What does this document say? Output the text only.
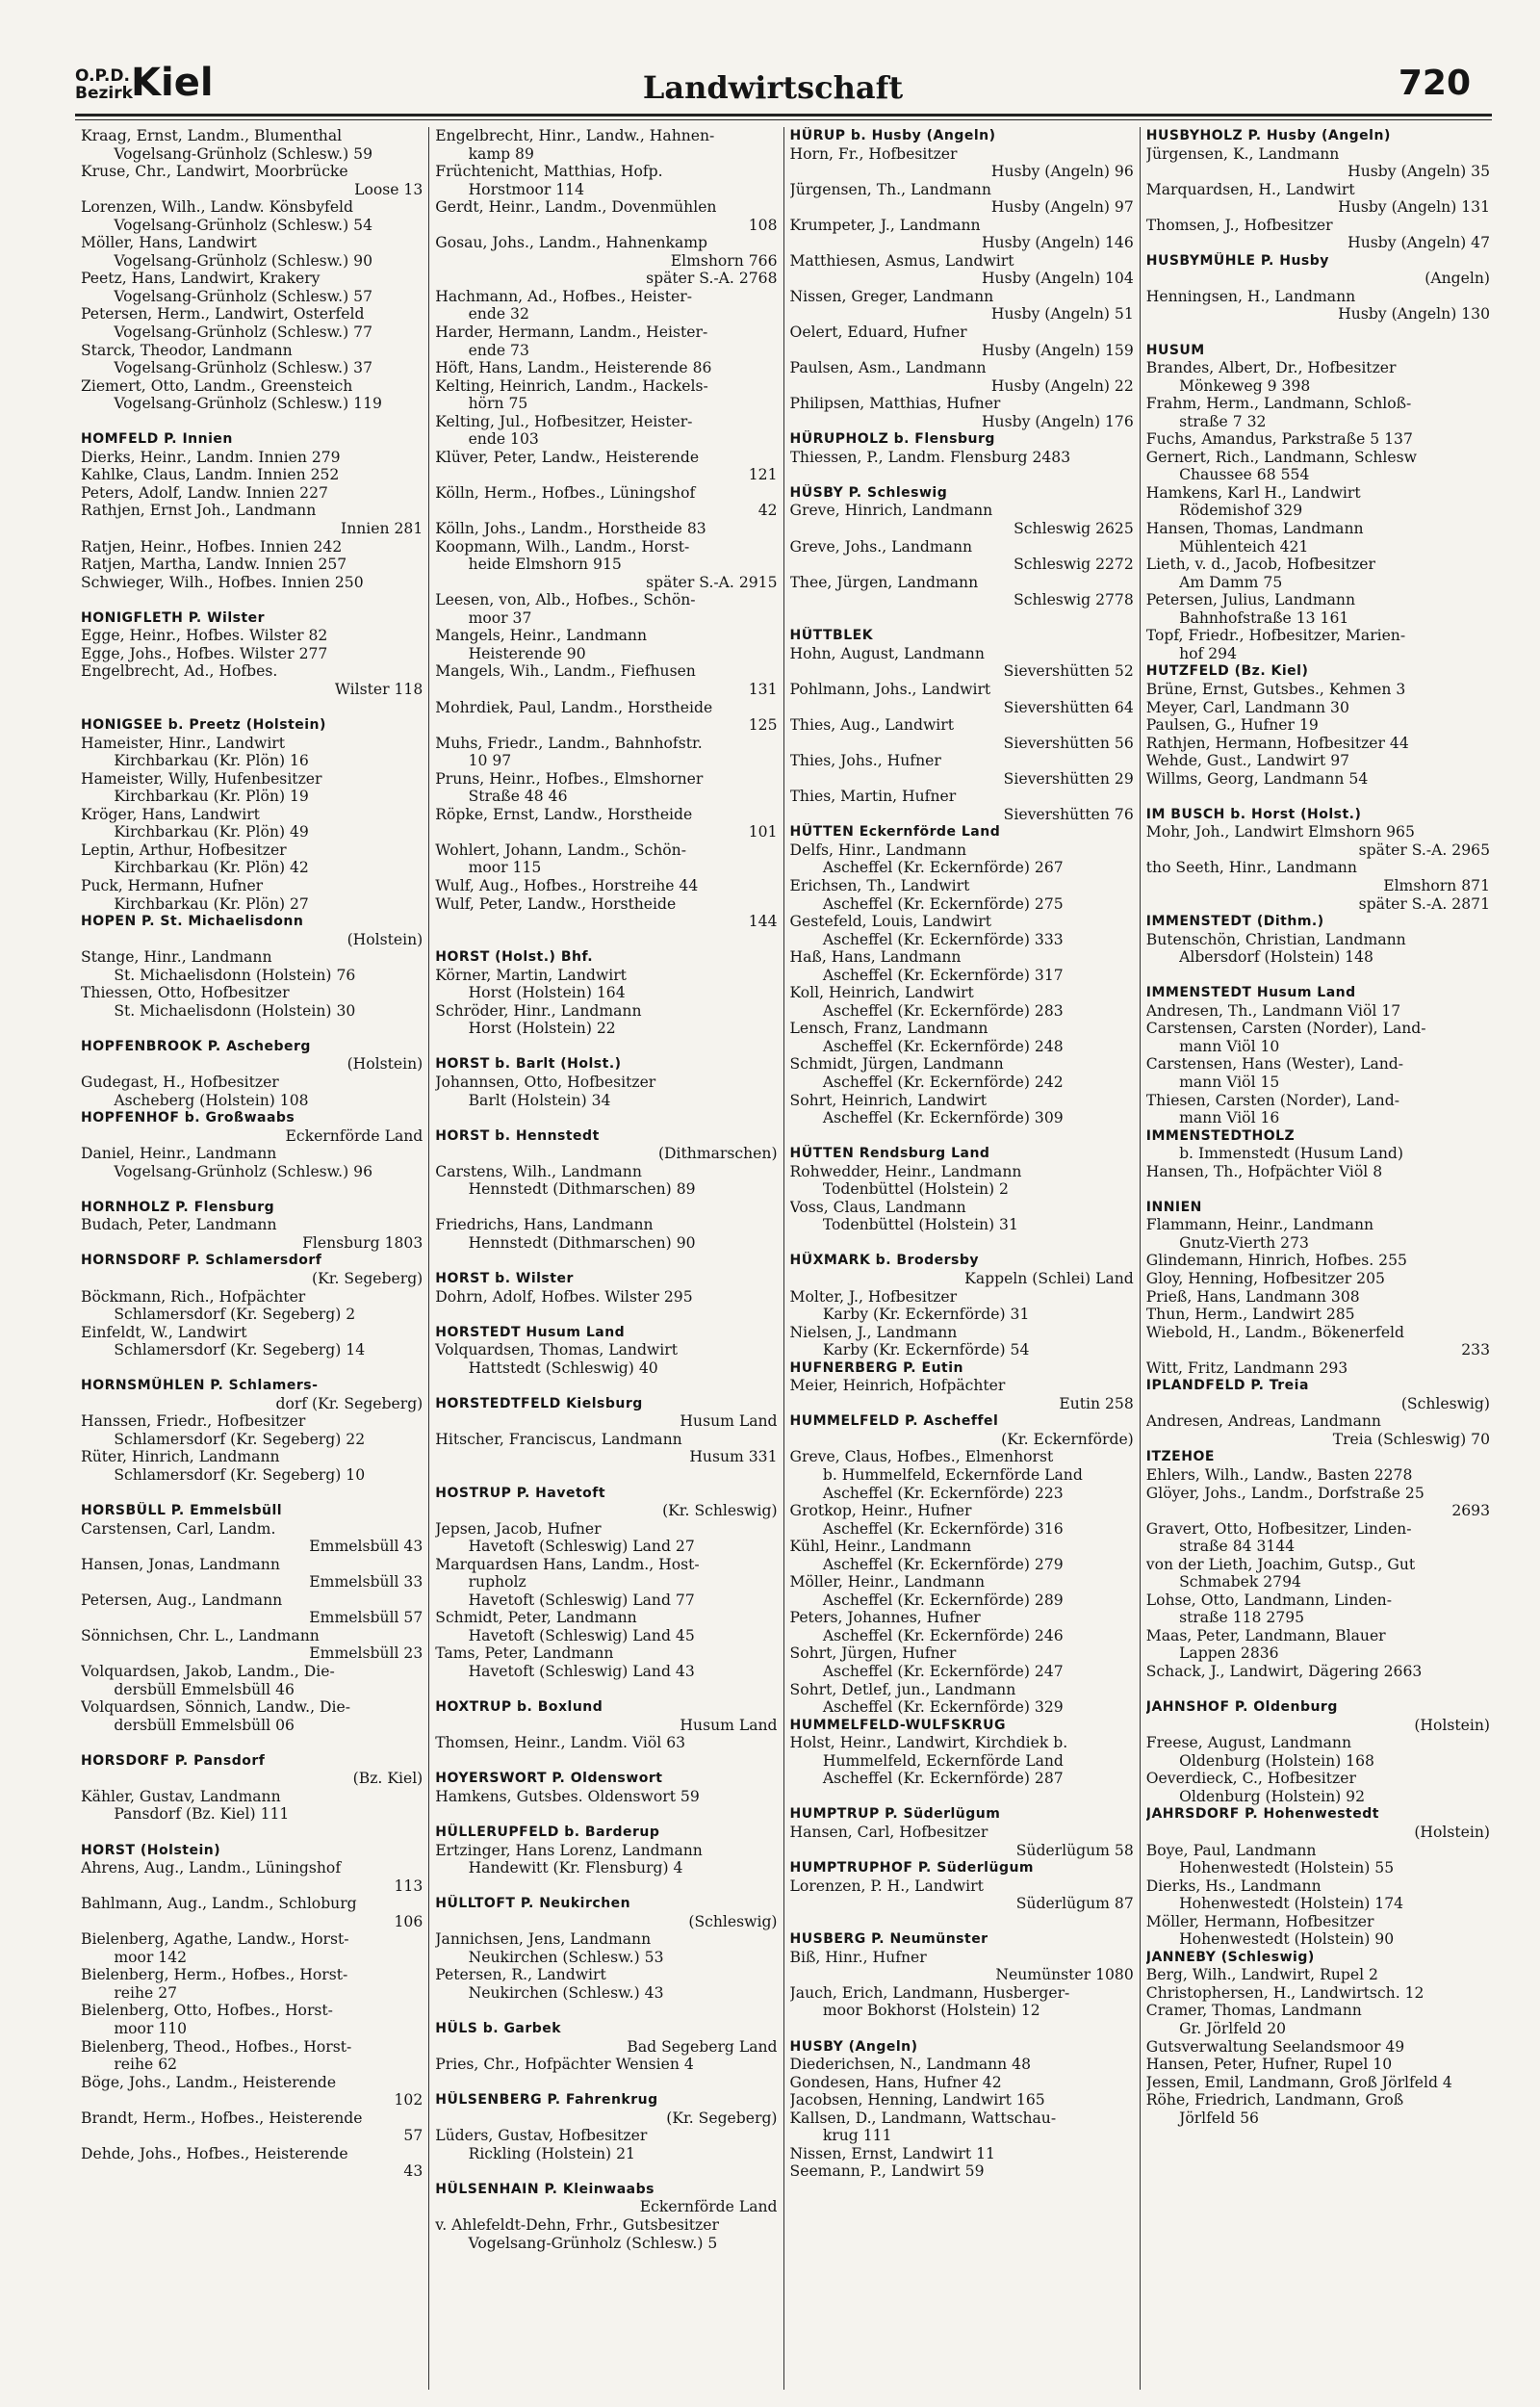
O.P.D.
Bezirk
Kiel	Landwirtschaft	720
Kraag, Ernst, Landm., Blumenthal
Vogelsang-Grünholz (Schlesw.) 59
Kruse, Chr., Landwirt, Moorbrücke
Loose 13
Lorenzen, Wilh., Landw. Könsbyfeld
Vogelsang-Grünholz (Schlesw.) 54
Möller, Hans, Landwirt
Vogelsang-Grünholz (Schlesw.) 90
Peetz, Hans, Landwirt, Krakery
Vogelsang-Grünholz (Schlesw.) 57
Petersen, Herm., Landwirt, Osterfeld
Vogelsang-Grünholz (Schlesw.) 77
Starck, Theodor, Landmann
Vogelsang-Grünholz (Schlesw.) 37
Ziemert, Otto, Landm., Greensteich
Vogelsang-Grünholz (Schlesw.) 119
HOMFELD P. Innien
Dierks, Heinr., Landm. Innien 279
Kahlke, Claus, Landm. Innien 252
Peters, Adolf, Landw. Innien 227
Rathjen, Ernst Joh., Landmann
Innien 281
Ratjen, Heinr., Hofbes. Innien 242
Ratjen, Martha, Landw. Innien 257
Schwieger, Wilh., Hofbes. Innien 250
HONIGFLETH P. Wilster
Egge, Heinr., Hofbes. Wilster 82
Egge, Johs., Hofbes. Wilster 277
Engelbrecht, Ad., Hofbes.
Wilster 118
HONIGSEE b. Preetz (Holstein)
Hameister, Hinr., Landwirt
Kirchbarkau (Kr. Plön) 16
Hameister, Willy, Hufenbesitzer
Kirchbarkau (Kr. Plön) 19
Kröger, Hans, Landwirt
Kirchbarkau (Kr. Plön) 49
Leptin, Arthur, Hofbesitzer
Kirchbarkau (Kr. Plön) 42
Puck, Hermann, Hufner
Kirchbarkau (Kr. Plön) 27
HOPEN P. St. Michaelisdonn
(Holstein)
Stange, Hinr., Landmann
St. Michaelisdonn (Holstein) 76
Thiessen, Otto, Hofbesitzer
St. Michaelisdonn (Holstein) 30
HOPFENBROOK P. Ascheberg
(Holstein)
Gudegast, H., Hofbesitzer
Ascheberg (Holstein) 108
HOPFENHOF b. Großwaabs
Eckernförde Land
Daniel, Heinr., Landmann
Vogelsang-Grünholz (Schlesw.) 96
HORNHOLZ P. Flensburg
Budach, Peter, Landmann
Flensburg 1803
HORNSDORF P. Schlamersdorf
(Kr. Segeberg)
Böckmann, Rich., Hofpächter
Schlamersdorf (Kr. Segeberg) 2
Einfeldt, W., Landwirt
Schlamersdorf (Kr. Segeberg) 14
HORNSMÜHLEN P. Schlamers-
dorf (Kr. Segeberg)
Hanssen, Friedr., Hofbesitzer
Schlamersdorf (Kr. Segeberg) 22
Rüter, Hinrich, Landmann
Schlamersdorf (Kr. Segeberg) 10
HORSBÜLL P. Emmelsbüll
Carstensen, Carl, Landm.
Emmelsbüll 43
Hansen, Jonas, Landmann
Emmelsbüll 33
Petersen, Aug., Landmann
Emmelsbüll 57
Sönnichsen, Chr. L., Landmann
Emmelsbüll 23
Volquardsen, Jakob, Landm., Die-
dersbüll Emmelsbüll 46
Volquardsen, Sönnich, Landw., Die-
dersbüll Emmelsbüll 06
HORSDORF P. Pansdorf
(Bz. Kiel)
Kähler, Gustav, Landmann
Pansdorf (Bz. Kiel) 111
HORST (Holstein)
Ahrens, Aug., Landm., Lüningshof
113
Bahlmann, Aug., Landm., Schloburg
106
Bielenberg, Agathe, Landw., Horst-
moor 142
Bielenberg, Herm., Hofbes., Horst-
reihe 27
Bielenberg, Otto, Hofbes., Horst-
moor 110
Bielenberg, Theod., Hofbes., Horst-
reihe 62
Böge, Johs., Landm., Heisterende
102
Brandt, Herm., Hofbes., Heisterende
57
Dehde, Johs., Hofbes., Heisterende
43
Engelbrecht, Hinr., Landw., Hahnen-
kamp 89
Früchtenicht, Matthias, Hofp.
Horstmoor 114
Gerdt, Heinr., Landm., Dovenmühlen
108
Gosau, Johs., Landm., Hahnenkamp
Elmshorn 766
später S.-A. 2768
Hachmann, Ad., Hofbes., Heister-
ende 32
Harder, Hermann, Landm., Heister-
ende 73
Höft, Hans, Landm., Heisterende 86
Kelting, Heinrich, Landm., Hackels-
hörn 75
Kelting, Jul., Hofbesitzer, Heister-
ende 103
Klüver, Peter, Landw., Heisterende
121
Kölln, Herm., Hofbes., Lüningshof
42
Kölln, Johs., Landm., Horstheide 83
Koopmann, Wilh., Landm., Horst-
heide Elmshorn 915
später S.-A. 2915
Leesen, von, Alb., Hofbes., Schön-
moor 37
Mangels, Heinr., Landmann
Heisterende 90
Mangels, Wih., Landm., Fiefhusen
131
Mohrdiek, Paul, Landm., Horstheide
125
Muhs, Friedr., Landm., Bahnhofstr.
10 97
Pruns, Heinr., Hofbes., Elmshorner
Straße 48 46
Röpke, Ernst, Landw., Horstheide
101
Wohlert, Johann, Landm., Schön-
moor 115
Wulf, Aug., Hofbes., Horstreihe 44
Wulf, Peter, Landw., Horstheide
144
HORST (Holst.) Bhf.
Körner, Martin, Landwirt
Horst (Holstein) 164
Schröder, Hinr., Landmann
Horst (Holstein) 22
HORST b. Barlt (Holst.)
Johannsen, Otto, Hofbesitzer
Barlt (Holstein) 34
HORST b. Hennstedt
(Dithmarschen)
Carstens, Wilh., Landmann
Hennstedt (Dithmarschen) 89
Friedrichs, Hans, Landmann
Hennstedt (Dithmarschen) 90
HORST b. Wilster
Dohrn, Adolf, Hofbes. Wilster 295
HORSTEDT Husum Land
Volquardsen, Thomas, Landwirt
Hattstedt (Schleswig) 40
HORSTEDTFELD Kielsburg
Husum Land
Hitscher, Franciscus, Landmann
Husum 331
HOSTRUP P. Havetoft
(Kr. Schleswig)
Jepsen, Jacob, Hufner
Havetoft (Schleswig) Land 27
Marquardsen Hans, Landm., Host-
rupholz
Havetoft (Schleswig) Land 77
Schmidt, Peter, Landmann
Havetoft (Schleswig) Land 45
Tams, Peter, Landmann
Havetoft (Schleswig) Land 43
HOXTRUP b. Boxlund
Husum Land
Thomsen, Heinr., Landm. Viöl 63
HOYERSWORT P. Oldenswort
Hamkens, Gutsbes. Oldenswort 59
HÜLLERUPFELD b. Barderup
Ertzinger, Hans Lorenz, Landmann
Handewitt (Kr. Flensburg) 4
HÜLLTOFT P. Neukirchen
(Schleswig)
Jannichsen, Jens, Landmann
Neukirchen (Schlesw.) 53
Petersen, R., Landwirt
Neukirchen (Schlesw.) 43
HÜLS b. Garbek
Bad Segeberg Land
Pries, Chr., Hofpächter Wensien 4
HÜLSENBERG P. Fahrenkrug
(Kr. Segeberg)
Lüders, Gustav, Hofbesitzer
Rickling (Holstein) 21
HÜLSENHAIN P. Kleinwaabs
Eckernförde Land
v. Ahlefeldt-Dehn, Frhr., Gutsbesitzer
Vogelsang-Grünholz (Schlesw.) 5
HÜRUP b. Husby (Angeln)
Horn, Fr., Hofbesitzer
Husby (Angeln) 96
Jürgensen, Th., Landmann
Husby (Angeln) 97
Krumpeter, J., Landmann
Husby (Angeln) 146
Matthiesen, Asmus, Landwirt
Husby (Angeln) 104
Nissen, Greger, Landmann
Husby (Angeln) 51
Oelert, Eduard, Hufner
Husby (Angeln) 159
Paulsen, Asm., Landmann
Husby (Angeln) 22
Philipsen, Matthias, Hufner
Husby (Angeln) 176
HÜRUPHOLZ b. Flensburg
Thiessen, P., Landm. Flensburg 2483
HÜSBY P. Schleswig
Greve, Hinrich, Landmann
Schleswig 2625
Greve, Johs., Landmann
Schleswig 2272
Thee, Jürgen, Landmann
Schleswig 2778
HÜTTBLEK
Hohn, August, Landmann
Sievershütten 52
Pohlmann, Johs., Landwirt
Sievershütten 64
Thies, Aug., Landwirt
Sievershütten 56
Thies, Johs., Hufner
Sievershütten 29
Thies, Martin, Hufner
Sievershütten 76
HÜTTEN Eckernförde Land
Delfs, Hinr., Landmann
Ascheffel (Kr. Eckernförde) 267
Erichsen, Th., Landwirt
Ascheffel (Kr. Eckernförde) 275
Gestefeld, Louis, Landwirt
Ascheffel (Kr. Eckernförde) 333
Haß, Hans, Landmann
Ascheffel (Kr. Eckernförde) 317
Koll, Heinrich, Landwirt
Ascheffel (Kr. Eckernförde) 283
Lensch, Franz, Landmann
Ascheffel (Kr. Eckernförde) 248
Schmidt, Jürgen, Landmann
Ascheffel (Kr. Eckernförde) 242
Sohrt, Heinrich, Landwirt
Ascheffel (Kr. Eckernförde) 309
HÜTTEN Rendsburg Land
Rohwedder, Heinr., Landmann
Todenbüttel (Holstein) 2
Voss, Claus, Landmann
Todenbüttel (Holstein) 31
HÜXMARK b. Brodersby
Kappeln (Schlei) Land
Molter, J., Hofbesitzer
Karby (Kr. Eckernförde) 31
Nielsen, J., Landmann
Karby (Kr. Eckernförde) 54
HUFNERBERG P. Eutin
Meier, Heinrich, Hofpächter
Eutin 258
HUMMELFELD P. Ascheffel
(Kr. Eckernförde)
Greve, Claus, Hofbes., Elmenhorst
b. Hummelfeld, Eckernförde Land
Ascheffel (Kr. Eckernförde) 223
Grotkop, Heinr., Hufner
Ascheffel (Kr. Eckernförde) 316
Kühl, Heinr., Landmann
Ascheffel (Kr. Eckernförde) 279
Möller, Heinr., Landmann
Ascheffel (Kr. Eckernförde) 289
Peters, Johannes, Hufner
Ascheffel (Kr. Eckernförde) 246
Sohrt, Jürgen, Hufner
Ascheffel (Kr. Eckernförde) 247
Sohrt, Detlef, jun., Landmann
Ascheffel (Kr. Eckernförde) 329
HUMMELFELD-WULFSKRUG
Holst, Heinr., Landwirt, Kirchdiek b.
Hummelfeld, Eckernförde Land
Ascheffel (Kr. Eckernförde) 287
HUMPTRUP P. Süderlügum
Hansen, Carl, Hofbesitzer
Süderlügum 58
HUMPTRUPHOF P. Süderlügum
Lorenzen, P. H., Landwirt
Süderlügum 87
HUSBERG P. Neumünster
Biß, Hinr., Hufner
Neumünster 1080
Jauch, Erich, Landmann, Husberger-
moor Bokhorst (Holstein) 12
HUSBY (Angeln)
Diederichsen, N., Landmann 48
Gondesen, Hans, Hufner 42
Jacobsen, Henning, Landwirt 165
Kallsen, D., Landmann, Wattschau-
krug 111
Nissen, Ernst, Landwirt 11
Seemann, P., Landwirt 59
HUSBYHOLZ P. Husby (Angeln)
Jürgensen, K., Landmann
Husby (Angeln) 35
Marquardsen, H., Landwirt
Husby (Angeln) 131
Thomsen, J., Hofbesitzer
Husby (Angeln) 47
HUSBYMÜHLE P. Husby
(Angeln)
Henningsen, H., Landmann
Husby (Angeln) 130
HUSUM
Brandes, Albert, Dr., Hofbesitzer
Mönkeweg 9 398
Frahm, Herm., Landmann, Schloß-
straße 7 32
Fuchs, Amandus, Parkstraße 5 137
Gernert, Rich., Landmann, Schlesw
Chaussee 68 554
Hamkens, Karl H., Landwirt
Rödemishof 329
Hansen, Thomas, Landmann
Mühlenteich 421
Lieth, v. d., Jacob, Hofbesitzer
Am Damm 75
Petersen, Julius, Landmann
Bahnhofstraße 13 161
Topf, Friedr., Hofbesitzer, Marien-
hof 294
HUTZFELD (Bz. Kiel)
Brüne, Ernst, Gutsbes., Kehmen 3
Meyer, Carl, Landmann 30
Paulsen, G., Hufner 19
Rathjen, Hermann, Hofbesitzer 44
Wehde, Gust., Landwirt 97
Willms, Georg, Landmann 54
IM BUSCH b. Horst (Holst.)
Mohr, Joh., Landwirt Elmshorn 965
später S.-A. 2965
tho Seeth, Hinr., Landmann
Elmshorn 871
später S.-A. 2871
IMMENSTEDT (Dithm.)
Butenschön, Christian, Landmann
Albersdorf (Holstein) 148
IMMENSTEDT Husum Land
Andresen, Th., Landmann Viöl 17
Carstensen, Carsten (Norder), Land-
mann Viöl 10
Carstensen, Hans (Wester), Land-
mann Viöl 15
Thiesen, Carsten (Norder), Land-
mann Viöl 16
IMMENSTEDTHOLZ
b. Immenstedt (Husum Land)
Hansen, Th., Hofpächter Viöl 8
INNIEN
Flammann, Heinr., Landmann
Gnutz-Vierth 273
Glindemann, Hinrich, Hofbes. 255
Gloy, Henning, Hofbesitzer 205
Prieß, Hans, Landmann 308
Thun, Herm., Landwirt 285
Wiebold, H., Landm., Bökenerfeld
233
Witt, Fritz, Landmann 293
IPLANDFELD P. Treia
(Schleswig)
Andresen, Andreas, Landmann
Treia (Schleswig) 70
ITZEHOE
Ehlers, Wilh., Landw., Basten 2278
Glöyer, Johs., Landm., Dorfstraße 25
2693
Gravert, Otto, Hofbesitzer, Linden-
straße 84 3144
von der Lieth, Joachim, Gutsp., Gut
Schmabek 2794
Lohse, Otto, Landmann, Linden-
straße 118 2795
Maas, Peter, Landmann, Blauer
Lappen 2836
Schack, J., Landwirt, Dägering 2663
JAHNSHOF P. Oldenburg
(Holstein)
Freese, August, Landmann
Oldenburg (Holstein) 168
Oeverdieck, C., Hofbesitzer
Oldenburg (Holstein) 92
JAHRSDORF P. Hohenwestedt
(Holstein)
Boye, Paul, Landmann
Hohenwestedt (Holstein) 55
Dierks, Hs., Landmann
Hohenwestedt (Holstein) 174
Möller, Hermann, Hofbesitzer
Hohenwestedt (Holstein) 90
JANNEBY (Schleswig)
Berg, Wilh., Landwirt, Rupel 2
Christophersen, H., Landwirtsch. 12
Cramer, Thomas, Landmann
Gr. Jörlfeld 20
Gutsverwaltung Seelandsmoor 49
Hansen, Peter, Hufner, Rupel 10
Jessen, Emil, Landmann, Groß Jörlfeld 4
Röhe, Friedrich, Landmann, Groß
Jörlfeld 56
